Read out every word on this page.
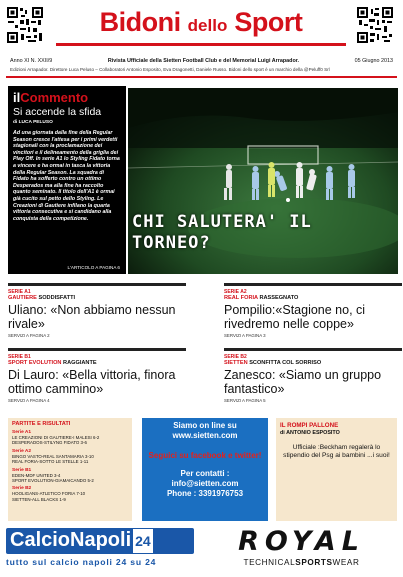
Bidoni dello Sport
Anno XI N. XXII/9	Rivista Ufficiale della Sietten Football Club e del Memorial Luigi Arrapador.	05 Giugno 2013
Edizioni Arrapador. Direttore Luca Peluso – Collaboratori Antonio Esposito, Eva Dragonetti, Daniele Russo. Bidoni dello sport è un marchio della @Peluff0 Srl
ilCommento
Si accende la sfida
di LUCA PELUSO
Ad una giornata dalla fine della Regular Season cresce l'attesa per i primi verdetti stagionali con la proclamazione dei vincitori e il delineamento della griglia dei Play Off. In serie A1 lo Styling Fidato torna a vincere e ha ormai in tasca la vittoria della Regular Season. La squadra di Fidato ha sofferto contro un ottimo Desperados ma alla fine ha raccolto quanto seminato. Il titolo dell'A1 è ormai già cucito sul petto dello Styling. Le Creazioni di Gautiere infilano la quarta vittoria consecutiva e si candidano alla conquista della competizione.
L'ARTICOLO A PAGINA 6
CHI SALUTERA' IL TORNEO?
SERIE A1
GAUTIERE SODDISFATTI
Uliano: «Non abbiamo nessun rivale»
SERVIZI A PAGINA 2
SERIE A2
REAL FORIA RASSEGNATO
Pompilio:«Stagione no, ci rivedremo nelle coppe»
SERVIZI A PAGINA 3
SERIE B1
SPORT EVOLUTION RAGGIANTE
Di Lauro: «Bella vittoria, finora ottimo cammino»
SERVIZI A PAGINA 4
SERIE B2
SIETTEN SCONFITTA COL SORRISO
Zanesco: «Siamo un gruppo fantastico»
SERVIZI A PAGINA 5
PARTITE E RISULTATI
Serie A1
LE CREAZIONI DI GAUTIERE-I MALESI 6-2
DESPERADOS-STILYNG FIDATO 3-6
Serie A2
BINGO VASTO-REAL SANTAMARIA 3-10
REAL FORIA-SOTTO LE STELLE 1-11
Serie B1
EDEN-MDF UNITED 3-4
SPORT EVOLUTION-GIAMAICANDO 5-2
Serie B2
HOOLIGANS-ATLETICO FORIA 7-10
SIETTEN-ALL BLACKS 1-9
Siamo on line su
www.sietten.com
Seguici su facebook e twitter!
Per contatti :
info@sietten.com
Phone : 3391976753
IL ROMPI PALLONE
di ANTONIO ESPOSITO
Ufficiale :Beckham regalerà lo stipendio del Psg ai bambini ...i suoi!
CalcioNapoli 24
tutto sul calcio napoli 24 su 24
ROYAL
TECHNICALSPORTSWEAR
